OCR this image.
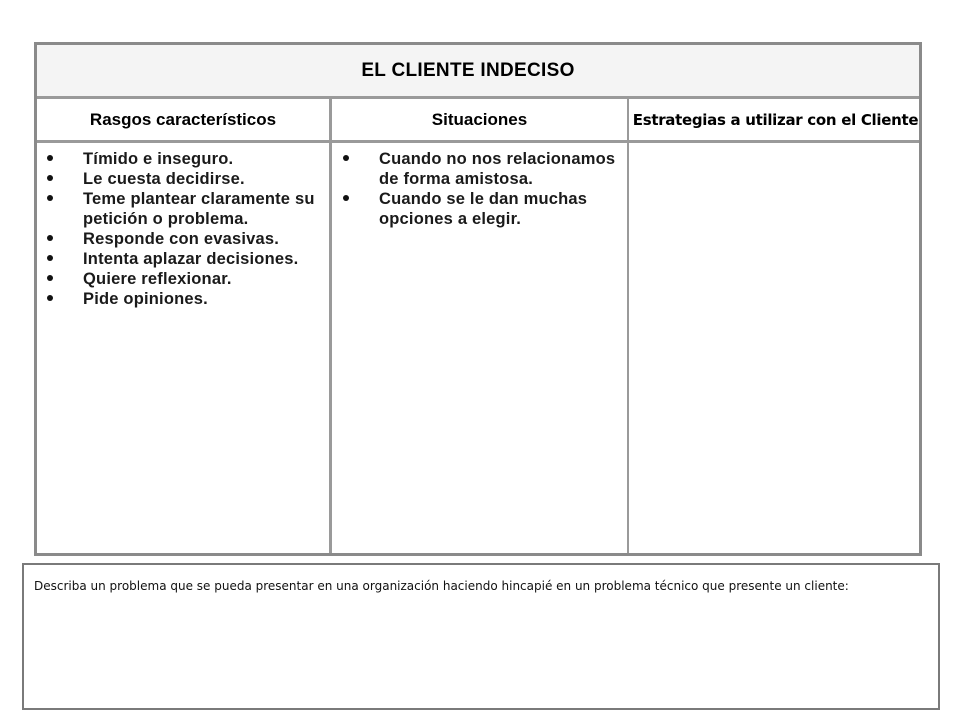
EL CLIENTE INDECISO
Rasgos característicos	Situaciones	Estrategias a utilizar con el Cliente
Tímido e inseguro.
Le cuesta decidirse.
Teme plantear claramente su petición o problema.
Responde con evasivas.
Intenta aplazar decisiones.
Quiere reflexionar.
Pide opiniones.
Cuando no nos relacionamos de forma amistosa.
Cuando se le dan muchas opciones a elegir.
Describa un problema que se pueda presentar en una organización haciendo hincapié en un problema técnico que presente un cliente:
